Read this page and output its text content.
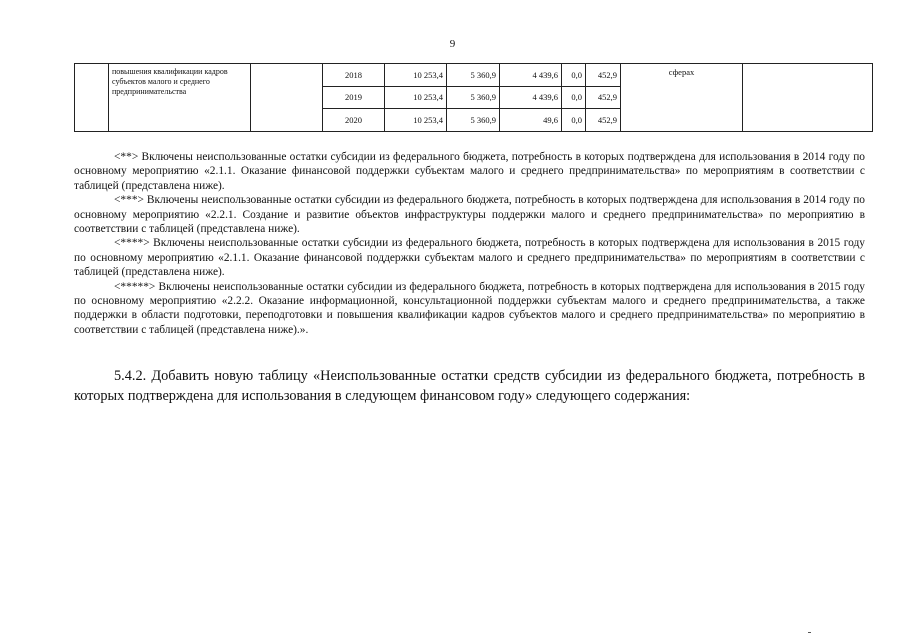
9
	повышения квалификации кадров субъектов малого и среднего предпринимательства		2018	10 253,4	5 360,9	4 439,6	0,0	452,9	сферах	
			2019	10 253,4	5 360,9	4 439,6	0,0	452,9		
			2020	10 253,4	5 360,9	49,6	0,0	452,9		

<**> Включены неиспользованные остатки субсидии из федерального бюджета, потребность в которых подтверждена для использования в 2014 году по основному мероприятию «2.1.1. Оказание финансовой поддержки субъектам малого и среднего предпринимательства» по мероприятиям в соответствии с таблицей (представлена ниже).

<***> Включены неиспользованные остатки субсидии из федерального бюджета, потребность в которых подтверждена для использования в 2014 году по основному мероприятию «2.2.1. Создание и развитие объектов инфраструктуры поддержки малого и среднего предпринимательства» по мероприятию в соответствии с таблицей (представлена ниже).

<****> Включены неиспользованные остатки субсидии из федерального бюджета, потребность в которых подтверждена для использования в 2015 году по основному мероприятию «2.1.1. Оказание финансовой поддержки субъектам малого и среднего предпринимательства» по мероприятиям в соответствии с таблицей (представлена ниже).

<*****> Включены неиспользованные остатки субсидии из федерального бюджета, потребность в которых подтверждена для использования в 2015 году по основному мероприятию «2.2.2. Оказание информационной, консультационной поддержки субъектам малого и среднего предпринимательства, а также поддержки в области подготовки, переподготовки и повышения квалификации кадров субъектов малого и среднего предпринимательства» по мероприятию в соответствии с таблицей (представлена ниже).».

5.4.2. Добавить новую таблицу «Неиспользованные остатки средств субсидии из федерального бюджета, потребность в которых подтверждена для использования в следующем финансовом году» следующего содержания:
